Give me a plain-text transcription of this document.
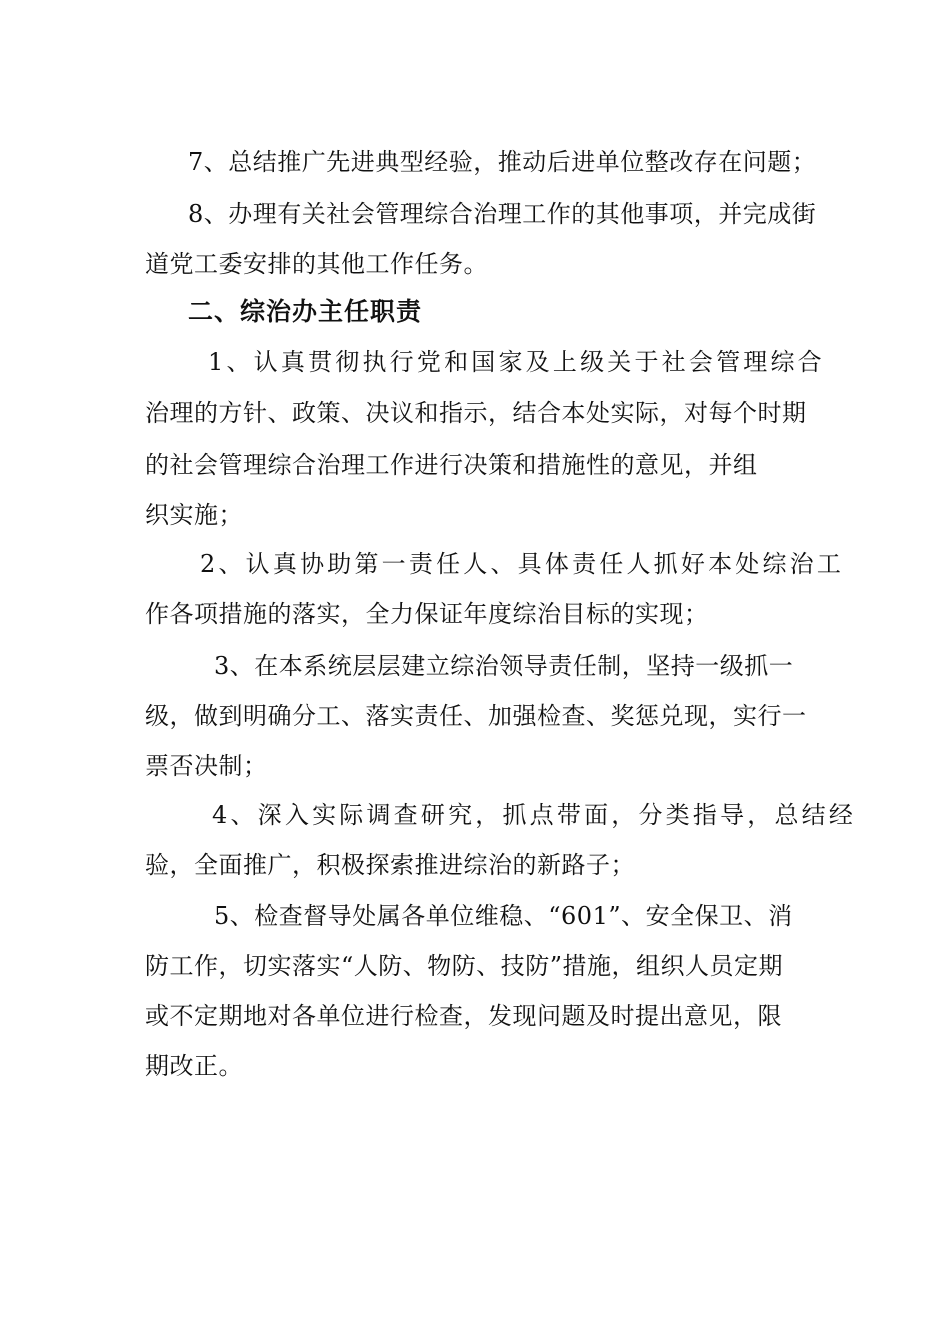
7、总结推广先进典型经验，推动后进单位整改存在问题；
8、办理有关社会管理综合治理工作的其他事项，并完成街
道党工委安排的其他工作任务。
二、综治办主任职责
1、认真贯彻执行党和国家及上级关于社会管理综合
治理的方针、政策、决议和指示，结合本处实际，对每个时期
的社会管理综合治理工作进行决策和措施性的意见，并组
织实施；
2、认真协助第一责任人、具体责任人抓好本处综治工
作各项措施的落实，全力保证年度综治目标的实现；
3、在本系统层层建立综治领导责任制，坚持一级抓一
级，做到明确分工、落实责任、加强检查、奖惩兑现，实行一
票否决制；
4、深入实际调查研究，抓点带面，分类指导，总结经
验，全面推广，积极探索推进综治的新路子；
5、检查督导处属各单位维稳、“601”、安全保卫、消
防工作，切实落实“人防、物防、技防”措施，组织人员定期
或不定期地对各单位进行检查，发现问题及时提出意见，限
期改正。
